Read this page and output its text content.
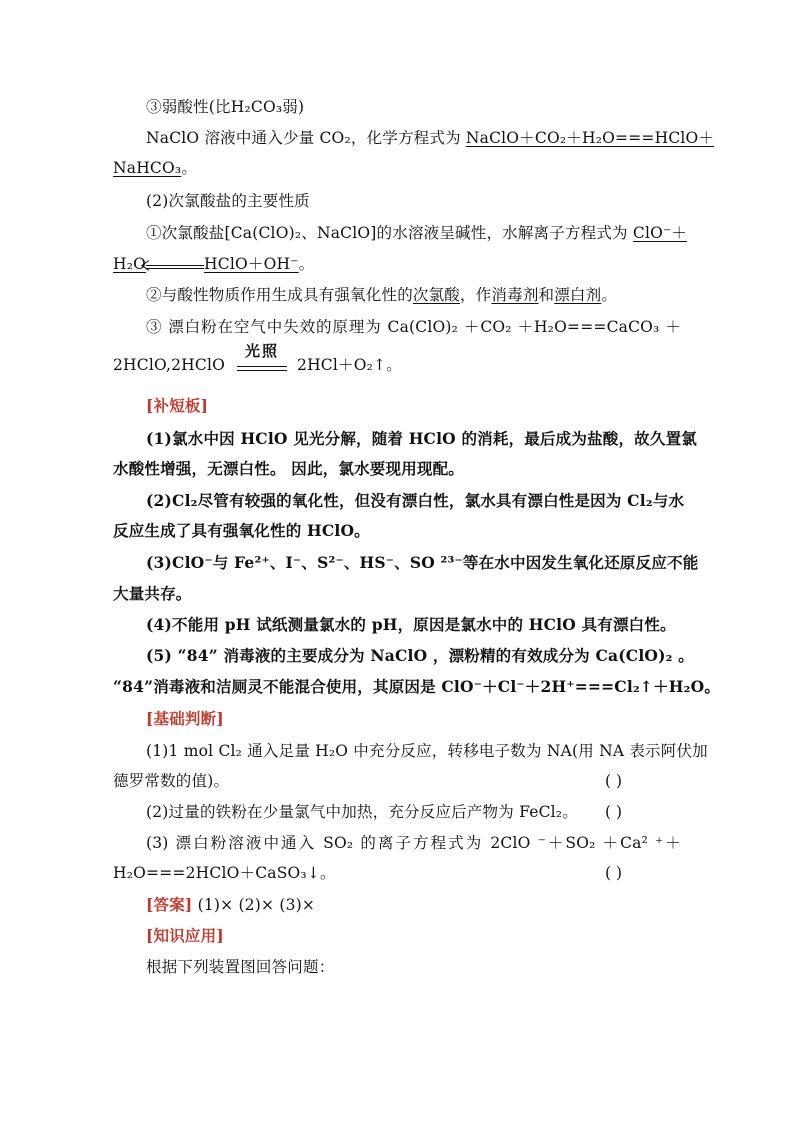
③弱酸性(比H₂CO₃弱)
NaClO 溶液中通入少量 CO₂，化学方程式为 NaClO＋CO₂＋H₂O===HClO＋
NaHCO₃。
(2)次氯酸盐的主要性质
①次氯酸盐[Ca(ClO)₂、NaClO]的水溶液呈碱性，水解离子方程式为 ClO⁻＋
H₂O	HClO＋OH⁻。
②与酸性物质作用生成具有强氧化性的次氯酸，作消毒剂和漂白剂。
③ 漂白粉在空气中失效的原理为 Ca(ClO)₂ ＋CO₂ ＋H₂O===CaCO₃ ＋
2HClO,2HClO
光照
2HCl＋O₂↑。
[补短板]
(1)氯水中因 HClO 见光分解，随着 HClO 的消耗，最后成为盐酸，故久置氯
水酸性增强，无漂白性。 因此，氯水要现用现配。
(2)Cl₂尽管有较强的氧化性，但没有漂白性，氯水具有漂白性是因为 Cl₂与水
反应生成了具有强氧化性的 HClO。
(3)ClO⁻与 Fe²⁺、I⁻、S²⁻、HS⁻、SO ²³⁻等在水中因发生氧化还原反应不能
大量共存。
(4)不能用 pH 试纸测量氯水的 pH，原因是氯水中的 HClO 具有漂白性。
(5) “84” 消毒液的主要成分为 NaClO ，漂粉精的有效成分为 Ca(ClO)₂ 。
“84”消毒液和洁厕灵不能混合使用，其原因是 ClO⁻＋Cl⁻＋2H⁺===Cl₂↑＋H₂O。
[基础判断]
(1)1 mol Cl₂ 通入足量 H₂O 中充分反应，转移电子数为 NA(用 NA 表示阿伏加
德罗常数的值)。	( )
(2)过量的铁粉在少量氯气中加热，充分反应后产物为 FeCl₂。	( )
(3) 漂白粉溶液中通入 SO₂ 的离子方程式为 2ClO ⁻＋SO₂ ＋Ca² ⁺＋
H₂O===2HClO＋CaSO₃↓。	( )
[答案] (1)× (2)× (3)×
[知识应用]
根据下列装置图回答问题：
